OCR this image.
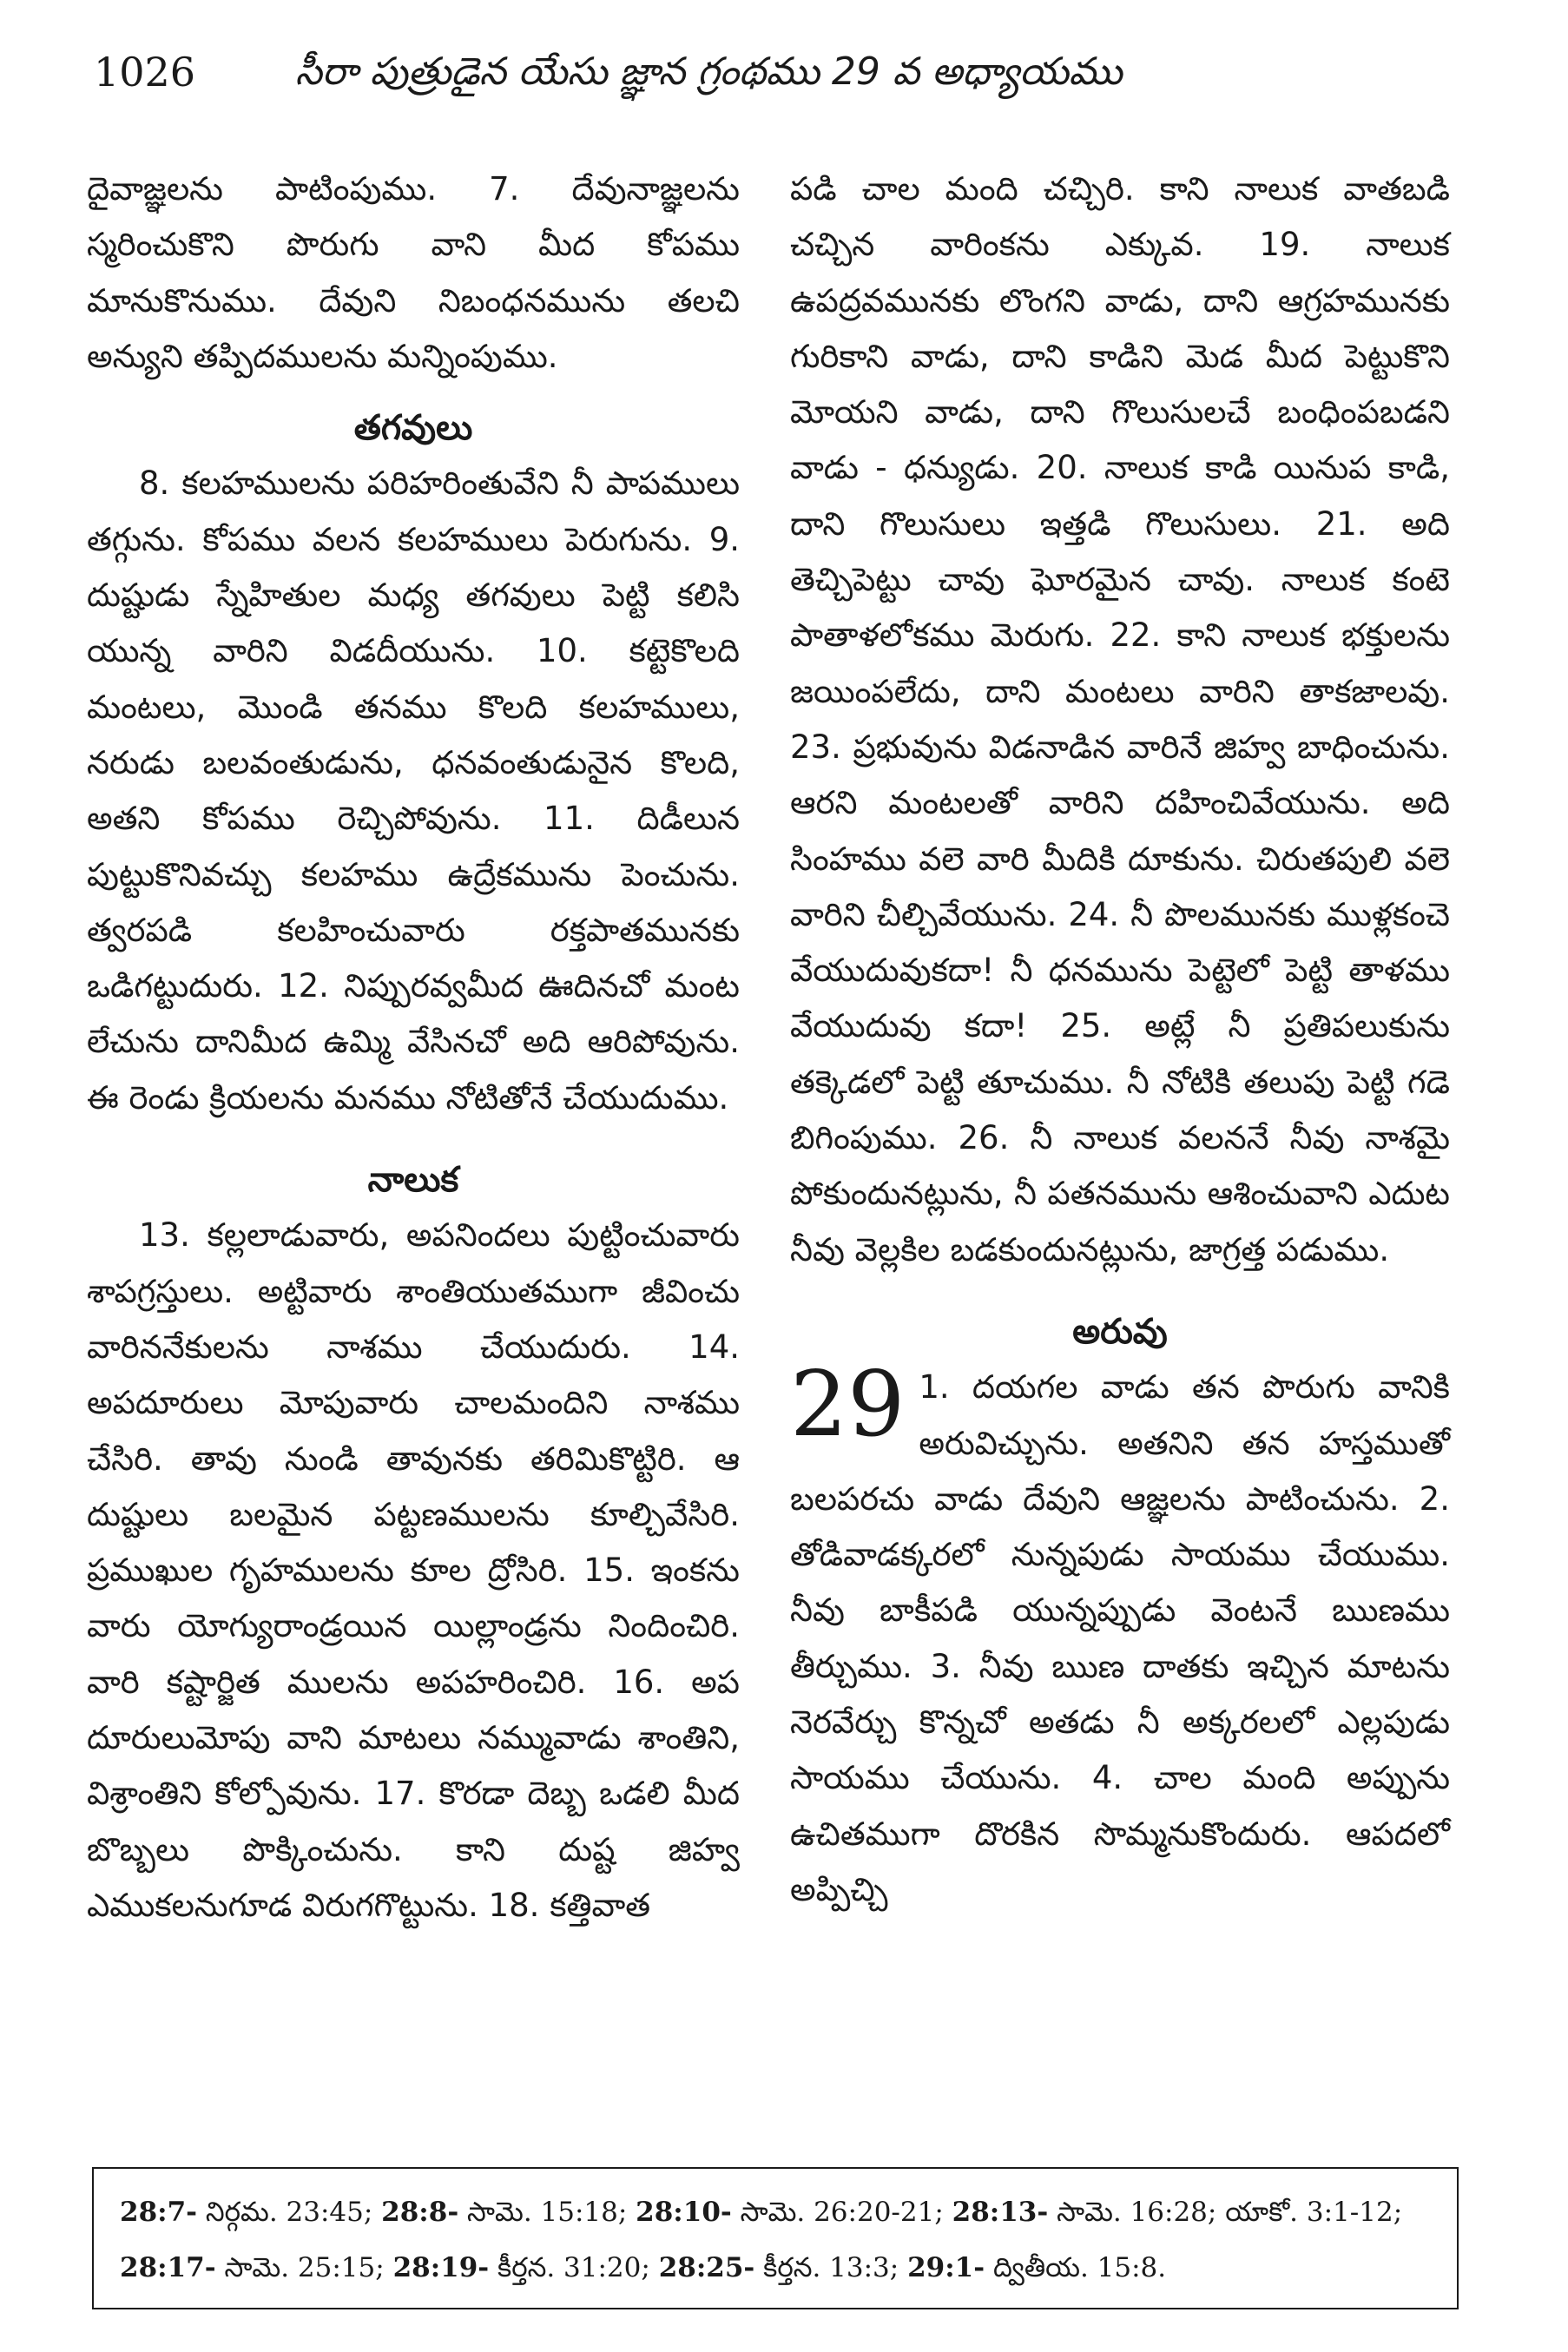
1026	సీరా పుత్రుడైన యేసు జ్ఞాన గ్రంథము 29 వ అధ్యాయము

దైవాజ్ఞలను పాటింపుము. 7. దేవునాజ్ఞలను స్మరించుకొని పొరుగు వాని మీద కోపము మానుకొనుము. దేవుని నిబంధనమును తలచి అన్యుని తప్పిదములను మన్నింపుము.

తగవులు

8. కలహములను పరిహరింతువేని నీ పాపములు తగ్గును. కోపము వలన కలహములు పెరుగును. 9. దుష్టుడు స్నేహితుల మధ్య తగవులు పెట్టి కలిసి యున్న వారిని విడదీయును. 10. కట్టెకొలది మంటలు, మొండి తనము కొలది కలహములు, నరుడు బలవంతుడును, ధనవంతుడునైన కొలది, అతని కోపము రెచ్చిపోవును. 11. దిడీలున పుట్టుకొనివచ్చు కలహము ఉద్రేకమును పెంచును. త్వరపడి కలహించువారు రక్తపాతమునకు ఒడిగట్టుదురు. 12. నిప్పురవ్వమీద ఊదినచో మంట లేచును దానిమీద ఉమ్మి వేసినచో అది ఆరిపోవును. ఈ రెండు క్రియలను మనము నోటితోనే చేయుదుము.

నాలుక

13. కల్లలాడువారు, అపనిందలు పుట్టించువారు శాపగ్రస్తులు. అట్టివారు శాంతియుతముగా జీవించు వారిననేకులను నాశము చేయుదురు. 14. అపదూరులు మోపువారు చాలమందిని నాశము చేసిరి. తావు నుండి తావునకు తరిమికొట్టిరి. ఆ దుష్టులు బలమైన పట్టణములను కూల్చివేసిరి. ప్రముఖుల గృహములను కూల ద్రోసిరి. 15. ఇంకను వారు యోగ్యురాండ్రయిన యిల్లాండ్రను నిందించిరి. వారి కష్టార్జిత ములను అపహరించిరి. 16. అప దూరులుమోపు వాని మాటలు నమ్మువాడు శాంతిని, విశ్రాంతిని కోల్పోవును. 17. కొరడా దెబ్బ ఒడలి మీద బొబ్బలు పొక్కించును. కాని దుష్ట జిహ్వ ఎముకలనుగూడ విరుగగొట్టును. 18. కత్తివాత

పడి చాల మంది చచ్చిరి. కాని నాలుక వాతబడి చచ్చిన వారింకను ఎక్కువ. 19. నాలుక ఉపద్రవమునకు లొంగని వాడు, దాని ఆగ్రహమునకు గురికాని వాడు, దాని కాడిని మెడ మీద పెట్టుకొని మోయని వాడు, దాని గొలుసులచే బంధింపబడని వాడు - ధన్యుడు. 20. నాలుక కాడి యినుప కాడి, దాని గొలుసులు ఇత్తడి గొలుసులు. 21. అది తెచ్చిపెట్టు చావు ఘోరమైన చావు. నాలుక కంటె పాతాళలోకము మెరుగు. 22. కాని నాలుక భక్తులను జయింపలేదు, దాని మంటలు వారిని తాకజాలవు. 23. ప్రభువును విడనాడిన వారినే జిహ్వ బాధించును. ఆరని మంటలతో వారిని దహించివేయును. అది సింహము వలె వారి మీదికి దూకును. చిరుతపులి వలె వారిని చీల్చివేయును. 24. నీ పొలమునకు ముళ్లకంచె వేయుదువుకదా! నీ ధనమును పెట్టెలో పెట్టి తాళము వేయుదువు కదా! 25. అట్లే నీ ప్రతిపలుకును తక్కెడలో పెట్టి తూచుము. నీ నోటికి తలుపు పెట్టి గడె బిగింపుము. 26. నీ నాలుక వలననే నీవు నాశమై పోకుందునట్లును, నీ పతనమును ఆశించువాని ఎదుట నీవు వెల్లకిల బడకుందునట్లును, జాగ్రత్త పడుము.

అరువు

29 1. దయగల వాడు తన పొరుగు వానికి అరువిచ్చును. అతనిని తన హస్తముతో బలపరచు వాడు దేవుని ఆజ్ఞలను పాటించును. 2. తోడివాడక్కరలో నున్నపుడు సాయము చేయుము. నీవు బాకీపడి యున్నప్పుడు వెంటనే ఋణము తీర్చుము. 3. నీవు ఋణ దాతకు ఇచ్చిన మాటను నెరవేర్చు కొన్నచో అతడు నీ అక్కరలలో ఎల్లపుడు సాయము చేయును. 4. చాల మంది అప్పును ఉచితముగా దొరకిన సొమ్మనుకొందురు. ఆపదలో అప్పిచ్చి
28:7- నిర్గమ. 23:45; 28:8- సామె. 15:18; 28:10- సామె. 26:20-21; 28:13- సామె. 16:28; యాకో. 3:1-12;
28:17- సామె. 25:15; 28:19- కీర్తన. 31:20; 28:25- కీర్తన. 13:3; 29:1- ద్వితీయ. 15:8.
